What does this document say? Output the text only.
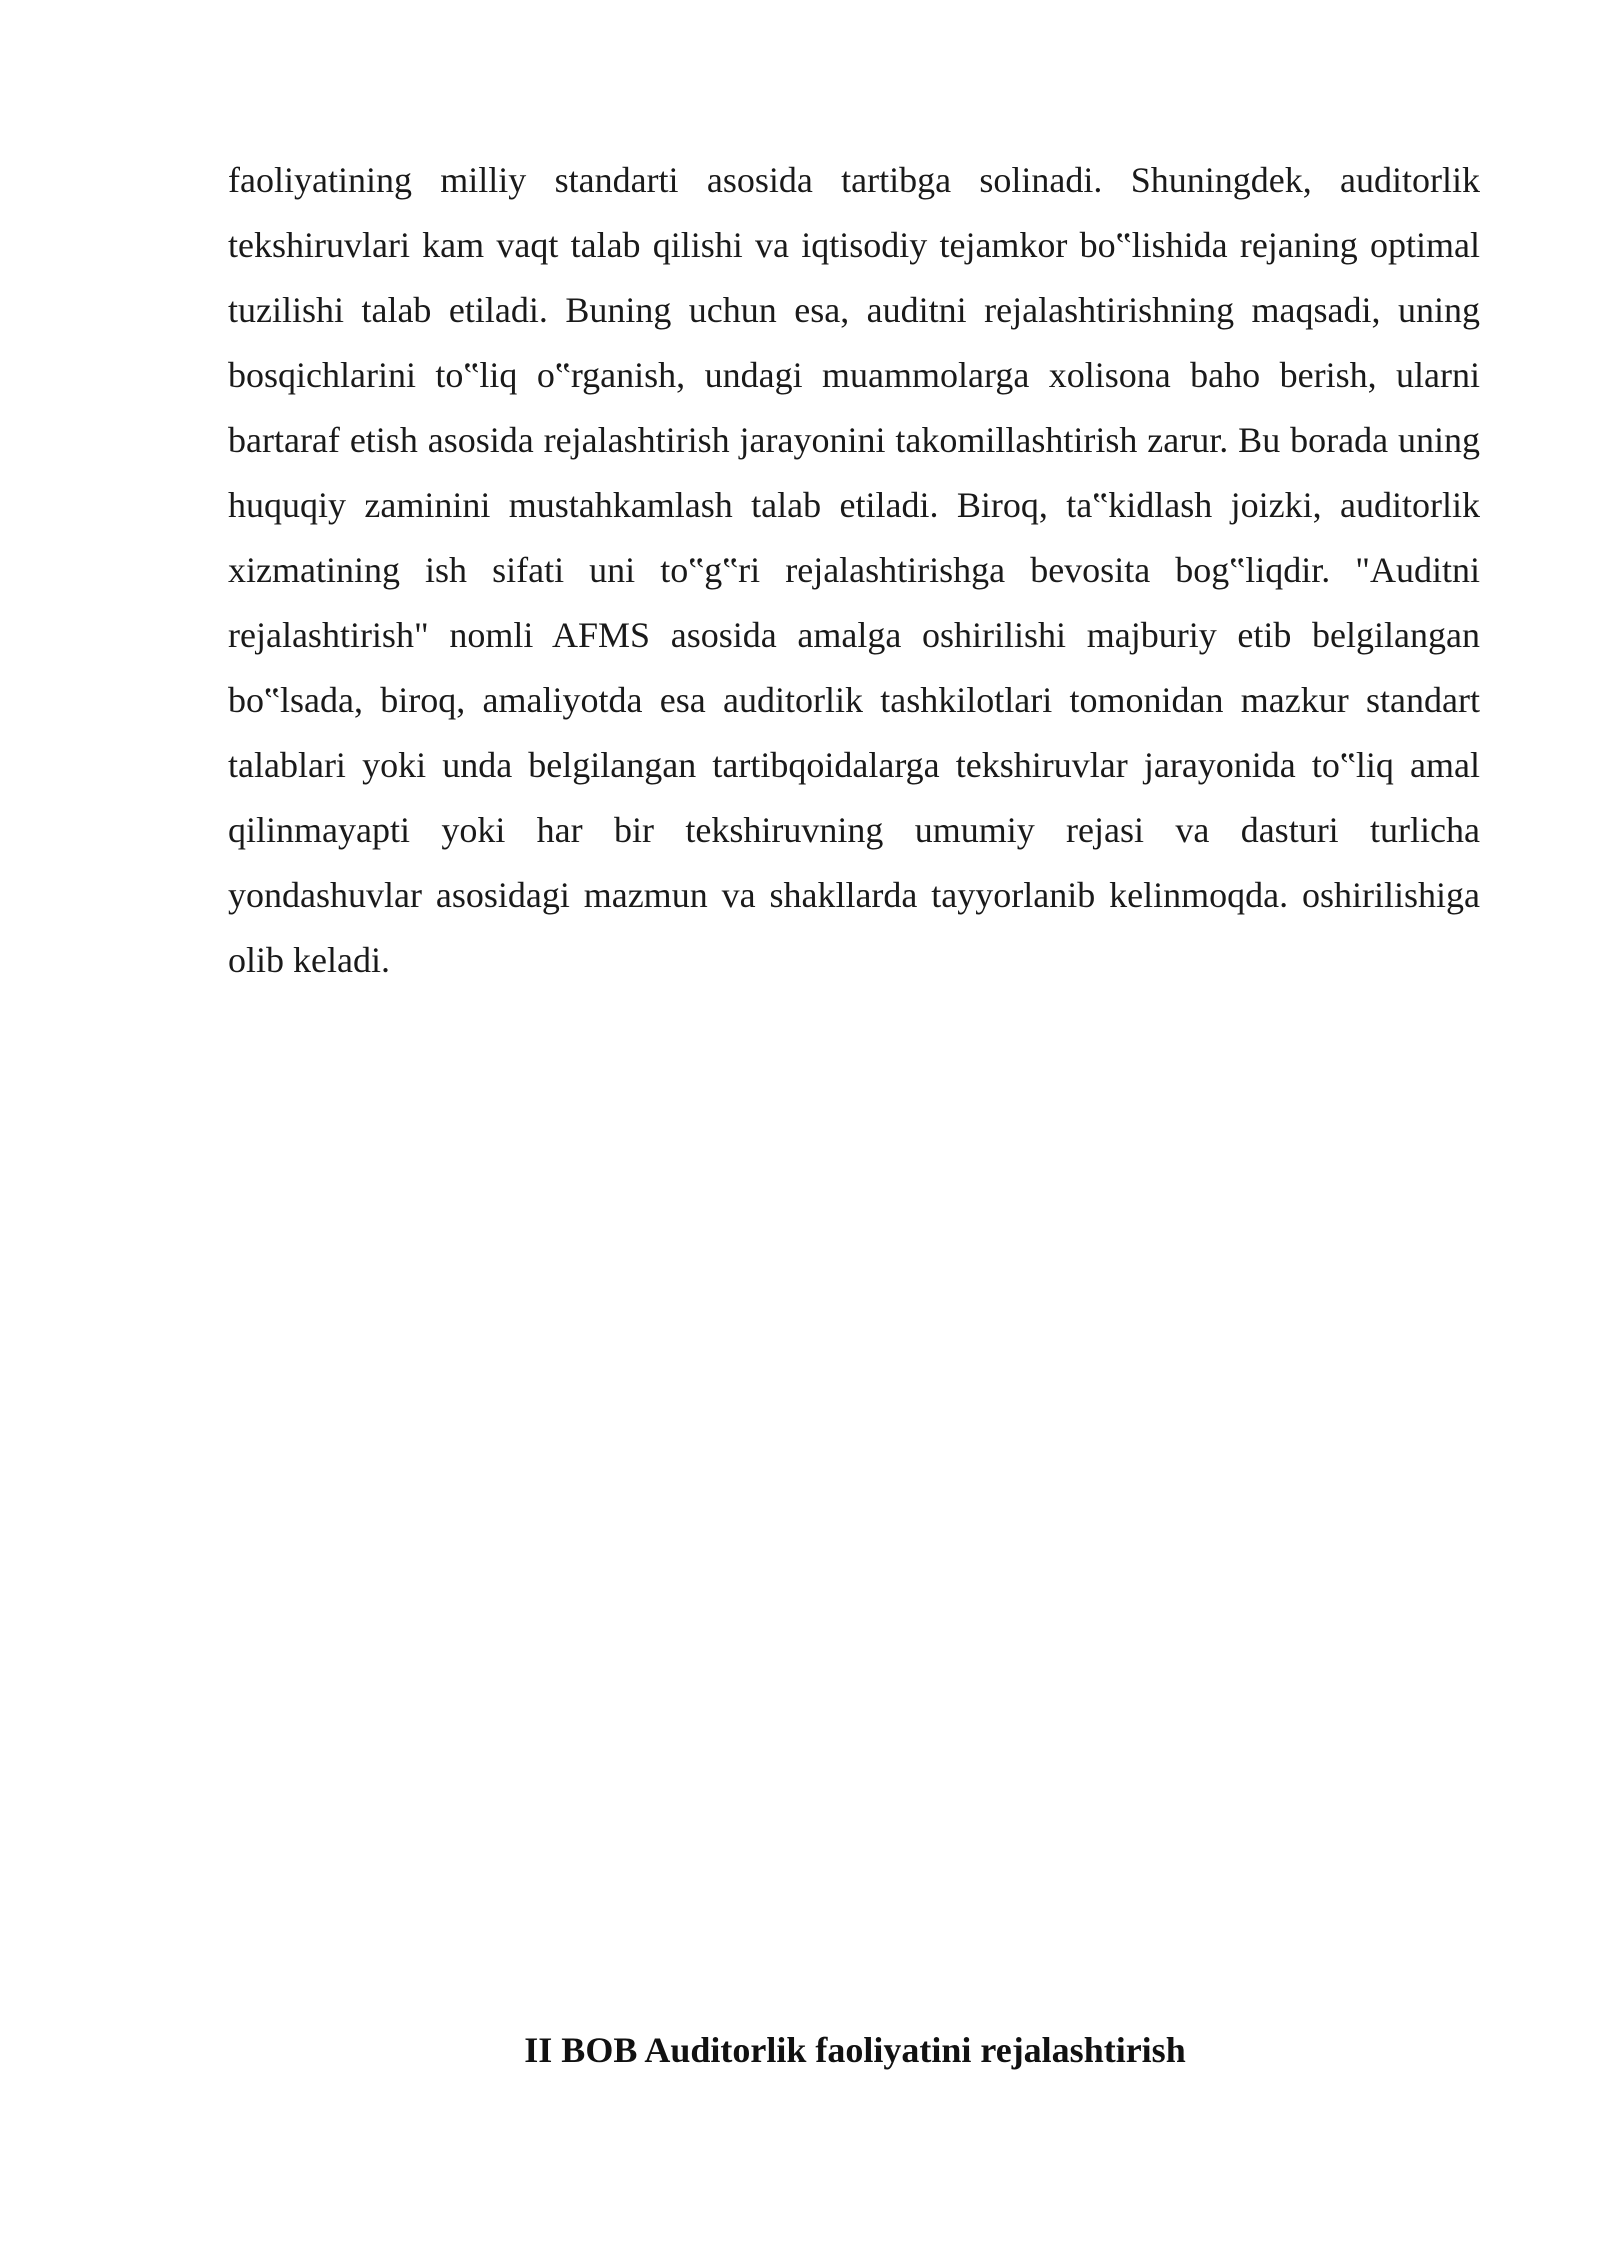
faoliyatining milliy standarti asosida tartibga solinadi. Shuningdek, auditorlik tekshiruvlari kam vaqt talab qilishi va iqtisodiy tejamkor bo‟lishida rejaning optimal tuzilishi talab etiladi. Buning uchun esa, auditni rejalashtirishning maqsadi, uning bosqichlarini to‟liq o‟rganish, undagi muammolarga xolisona baho berish, ularni bartaraf etish asosida rejalashtirish jarayonini takomillashtirish zarur. Bu borada uning huquqiy zaminini mustahkamlash talab etiladi. Biroq, ta‟kidlash joizki, auditorlik xizmatining ish sifati uni to‟g‟ri rejalashtirishga bevosita bog‟liqdir. "Auditni rejalashtirish" nomli AFMS asosida amalga oshirilishi majburiy etib belgilangan bo‟lsada, biroq, amaliyotda esa auditorlik tashkilotlari tomonidan mazkur standart talablari yoki unda belgilangan tartibqoidalarga tekshiruvlar jarayonida to‟liq amal qilinmayapti yoki har bir tekshiruvning umumiy rejasi va dasturi turlicha yondashuvlar asosidagi mazmun va shakllarda tayyorlanib kelinmoqda. oshirilishiga olib keladi.

II BOB Auditorlik faoliyatini rejalashtirish
